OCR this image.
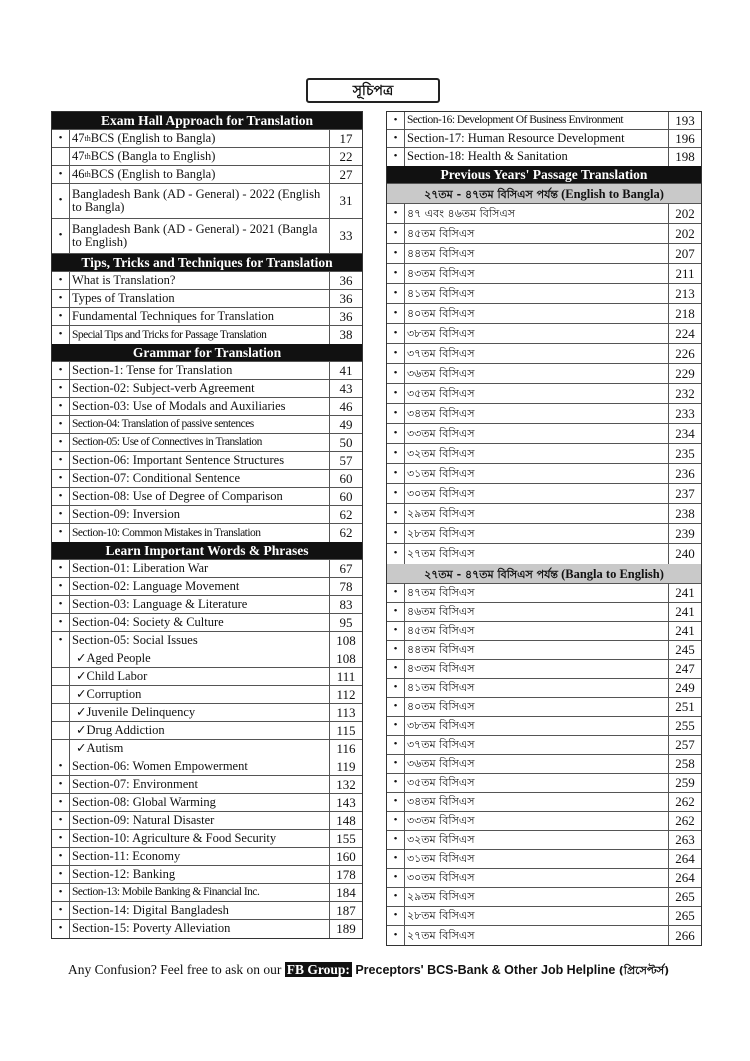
সূচিপত্র
Exam Hall Approach for Translation
• 47 th BCS (English to Bangla)	17
47 th BCS (Bangla to English)	22
• 46 th BCS (English to Bangla)	27
• Bangladesh Bank (AD - General) - 2022 (English to Bangla)	31
• Bangladesh Bank (AD - General) - 2021 (Bangla to English)	33
Tips, Tricks and Techniques for Translation
• What is Translation?	36
• Types of Translation	36
• Fundamental Techniques for Translation	36
• Special Tips and Tricks for Passage Translation	38
Grammar for Translation
• Section-1: Tense for Translation	41
• Section-02: Subject-verb Agreement	43
• Section-03: Use of Modals and Auxiliaries	46
• Section-04: Translation of passive sentences	49
• Section-05: Use of Connectives in Translation	50
• Section-06: Important Sentence Structures	57
• Section-07: Conditional Sentence	60
• Section-08: Use of Degree of Comparison	60
• Section-09: Inversion	62
• Section-10: Common Mistakes in Translation	62
Learn Important Words & Phrases
• Section-01: Liberation War	67
• Section-02: Language Movement	78
• Section-03: Language & Literature	83
• Section-04: Society & Culture	95
• Section-05: Social Issues	108
✓ Aged People	108
✓ Child Labor	111
✓ Corruption	112
✓ Juvenile Delinquency	113
✓ Drug Addiction	115
✓ Autism	116
• Section-06: Women Empowerment	119
• Section-07: Environment	132
• Section-08: Global Warming	143
• Section-09: Natural Disaster	148
• Section-10: Agriculture & Food Security	155
• Section-11: Economy	160
• Section-12: Banking	178
• Section-13: Mobile Banking & Financial Inc.	184
• Section-14: Digital Bangladesh	187
• Section-15: Poverty Alleviation	189
• Section-16: Development Of Business Environment	193
• Section-17: Human Resource Development	196
• Section-18: Health & Sanitation	198
Previous Years' Passage Translation
২৭তম - ৪৭তম বিসিএস পর্যন্ত (English to Bangla)
• ৪৭ এবং ৪৬তম বিসিএস	202
• ৪৫তম বিসিএস	202
• ৪৪তম বিসিএস	207
• ৪৩তম বিসিএস	211
• ৪১তম বিসিএস	213
• ৪০তম বিসিএস	218
• ৩৮তম বিসিএস	224
• ৩৭তম বিসিএস	226
• ৩৬তম বিসিএস	229
• ৩৫তম বিসিএস	232
• ৩৪তম বিসিএস	233
• ৩৩তম বিসিএস	234
• ৩২তম বিসিএস	235
• ৩১তম বিসিএস	236
• ৩০তম বিসিএস	237
• ২৯তম বিসিএস	238
• ২৮তম বিসিএস	239
• ২৭তম বিসিএস	240
২৭তম - ৪৭তম বিসিএস পর্যন্ত (Bangla to English)
• ৪৭তম বিসিএস	241
• ৪৬তম বিসিএস	241
• ৪৫তম বিসিএস	241
• ৪৪তম বিসিএস	245
• ৪৩তম বিসিএস	247
• ৪১তম বিসিএস	249
• ৪০তম বিসিএস	251
• ৩৮তম বিসিএস	255
• ৩৭তম বিসিএস	257
• ৩৬তম বিসিএস	258
• ৩৫তম বিসিএস	259
• ৩৪তম বিসিএস	262
• ৩৩তম বিসিএস	262
• ৩২তম বিসিএস	263
• ৩১তম বিসিএস	264
• ৩০তম বিসিএস	264
• ২৯তম বিসিএস	265
• ২৮তম বিসিএস	265
• ২৭তম বিসিএস	266
Any Confusion? Feel free to ask on our FB Group: Preceptors' BCS-Bank & Other Job Helpline (প্রিসেপ্টর্স)
